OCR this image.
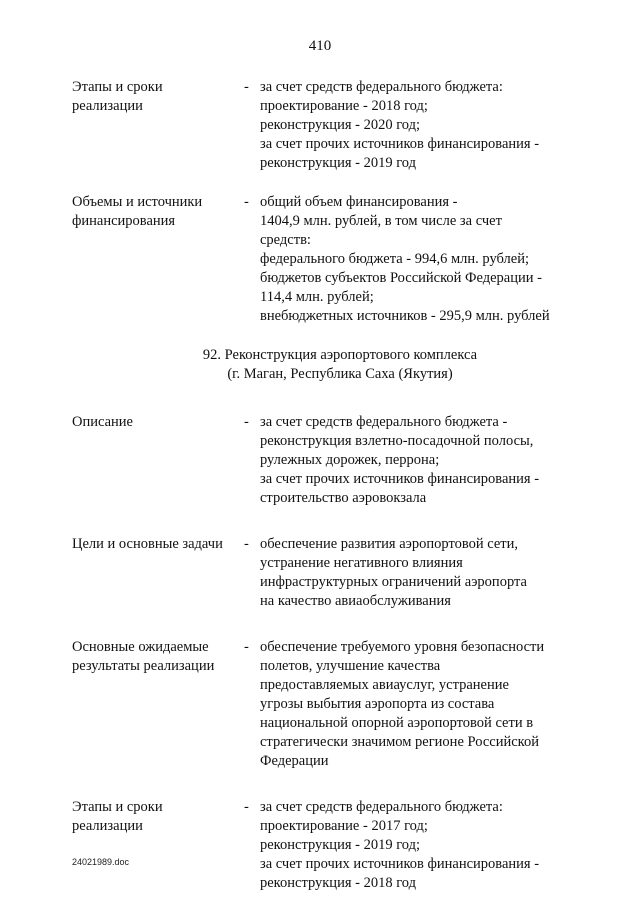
410
Этапы и сроки
реализации
- за счет средств федерального бюджета:
проектирование - 2018 год;
реконструкция - 2020 год;
за счет прочих источников финансирования -
реконструкция - 2019 год
Объемы и источники
финансирования
- общий объем финансирования -
1404,9 млн. рублей, в том числе за счет
средств:
федерального бюджета - 994,6 млн. рублей;
бюджетов субъектов Российской Федерации -
114,4 млн. рублей;
внебюджетных источников - 295,9 млн. рублей
92. Реконструкция аэропортового комплекса
(г. Маган, Республика Саха (Якутия)
Описание	- за счет средств федерального бюджета -
реконструкция взлетно-посадочной полосы,
рулежных дорожек, перрона;
за счет прочих источников финансирования -
строительство аэровокзала
Цели и основные задачи	- обеспечение развития аэропортовой сети,
устранение негативного влияния
инфраструктурных ограничений аэропорта
на качество авиаобслуживания
Основные ожидаемые
результаты реализации
- обеспечение требуемого уровня безопасности
полетов, улучшение качества
предоставляемых авиауслуг, устранение
угрозы выбытия аэропорта из состава
национальной опорной аэропортовой сети в
стратегически значимом регионе Российской
Федерации
Этапы и сроки
реализации
- за счет средств федерального бюджета:
проектирование - 2017 год;
реконструкция - 2019 год;
за счет прочих источников финансирования -
реконструкция - 2018 год
24021989.doc
